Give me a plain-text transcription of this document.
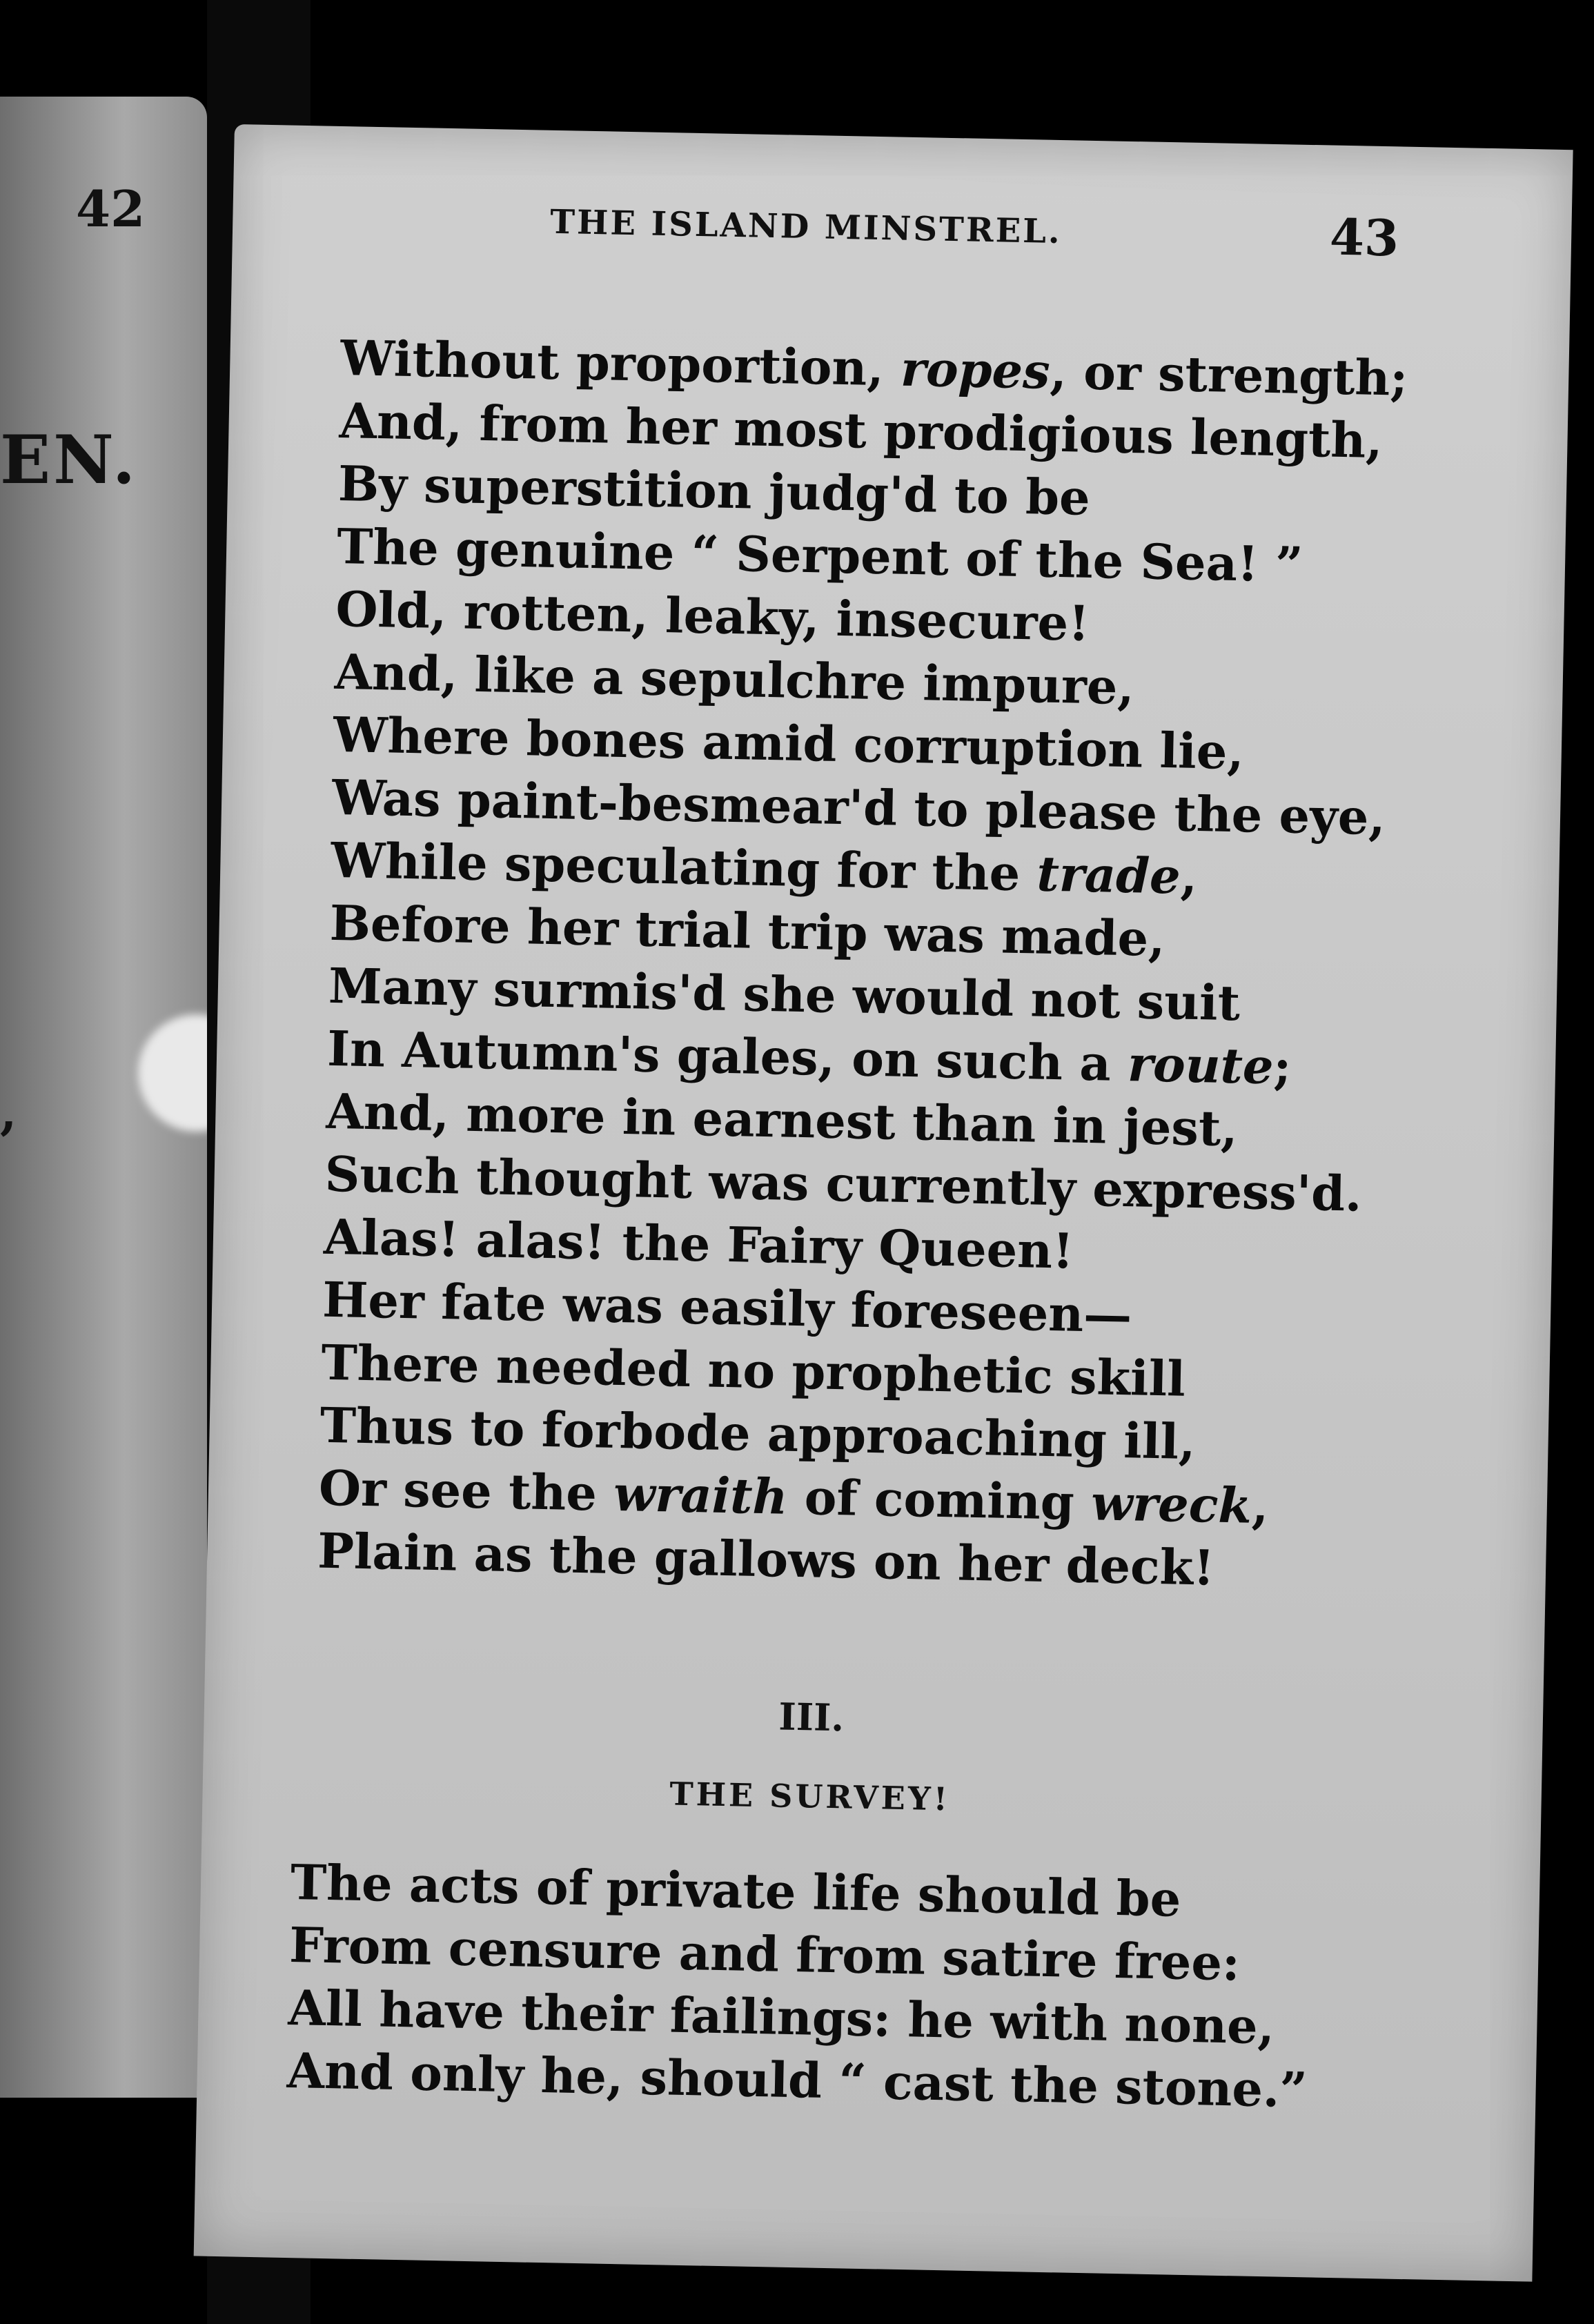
42
EN.
,
THE ISLAND MINSTREL.	43
Without proportion, ropes, or strength;
And, from her most prodigious length,
By superstition judg'd to be
The genuine “ Serpent of the Sea! ”
Old, rotten, leaky, insecure!
And, like a sepulchre impure,
Where bones amid corruption lie,
Was paint-besmear'd to please the eye,
While speculating for the trade,
Before her trial trip was made,
Many surmis'd she would not suit
In Autumn's gales, on such a route;
And, more in earnest than in jest,
Such thought was currently express'd.
Alas! alas! the Fairy Queen!
Her fate was easily foreseen—
There needed no prophetic skill
Thus to forbode approaching ill,
Or see the wraith of coming wreck,
Plain as the gallows on her deck!
III.
THE SURVEY!
The acts of private life should be
From censure and from satire free:
All have their failings: he with none,
And only he, should “ cast the stone.”
